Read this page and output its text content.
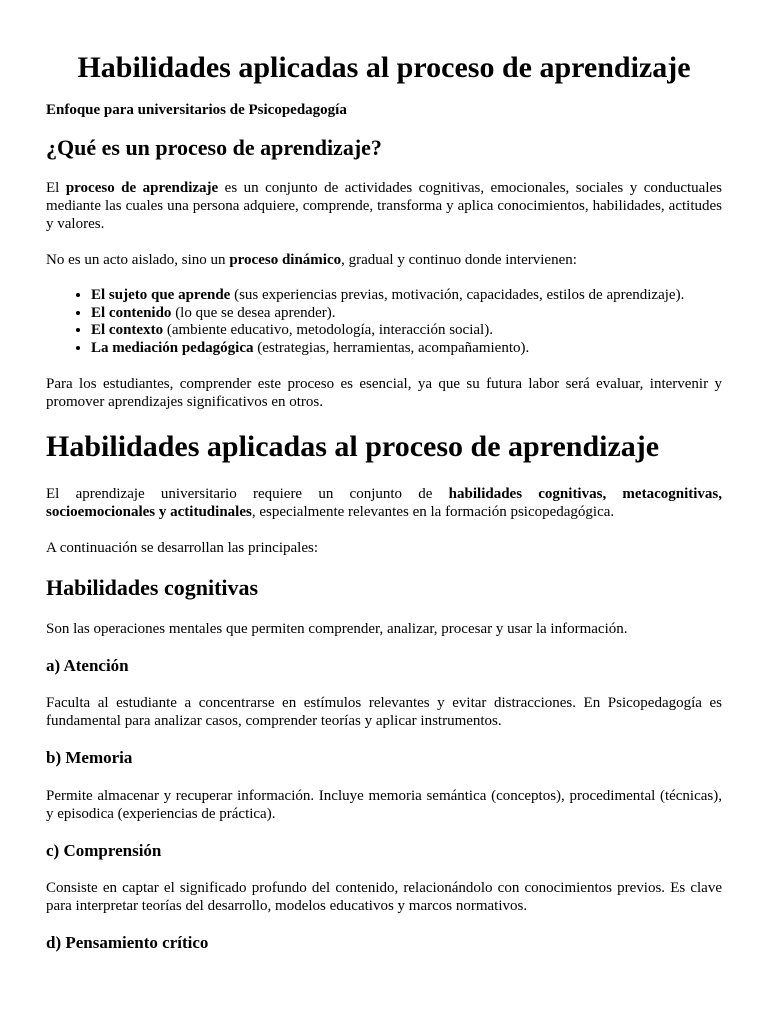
Habilidades aplicadas al proceso de aprendizaje
Enfoque para universitarios de Psicopedagogía
¿Qué es un proceso de aprendizaje?

El proceso de aprendizaje es un conjunto de actividades cognitivas, emocionales, sociales y conductuales mediante las cuales una persona adquiere, comprende, transforma y aplica conocimientos, habilidades, actitudes y valores.

No es un acto aislado, sino un proceso dinámico, gradual y continuo donde intervienen:

• El sujeto que aprende (sus experiencias previas, motivación, capacidades, estilos de aprendizaje).
• El contenido (lo que se desea aprender).
• El contexto (ambiente educativo, metodología, interacción social).
• La mediación pedagógica (estrategias, herramientas, acompañamiento).

Para los estudiantes, comprender este proceso es esencial, ya que su futura labor será evaluar, intervenir y promover aprendizajes significativos en otros.

Habilidades aplicadas al proceso de aprendizaje

El aprendizaje universitario requiere un conjunto de habilidades cognitivas, metacognitivas, socioemocionales y actitudinales, especialmente relevantes en la formación psicopedagógica.

A continuación se desarrollan las principales:

Habilidades cognitivas

Son las operaciones mentales que permiten comprender, analizar, procesar y usar la información.

a) Atención

Faculta al estudiante a concentrarse en estímulos relevantes y evitar distracciones. En Psicopedagogía es fundamental para analizar casos, comprender teorías y aplicar instrumentos.

b) Memoria

Permite almacenar y recuperar información. Incluye memoria semántica (conceptos), procedimental (técnicas), y episodica (experiencias de práctica).

c) Comprensión

Consiste en captar el significado profundo del contenido, relacionándolo con conocimientos previos. Es clave para interpretar teorías del desarrollo, modelos educativos y marcos normativos.

d) Pensamiento crítico
